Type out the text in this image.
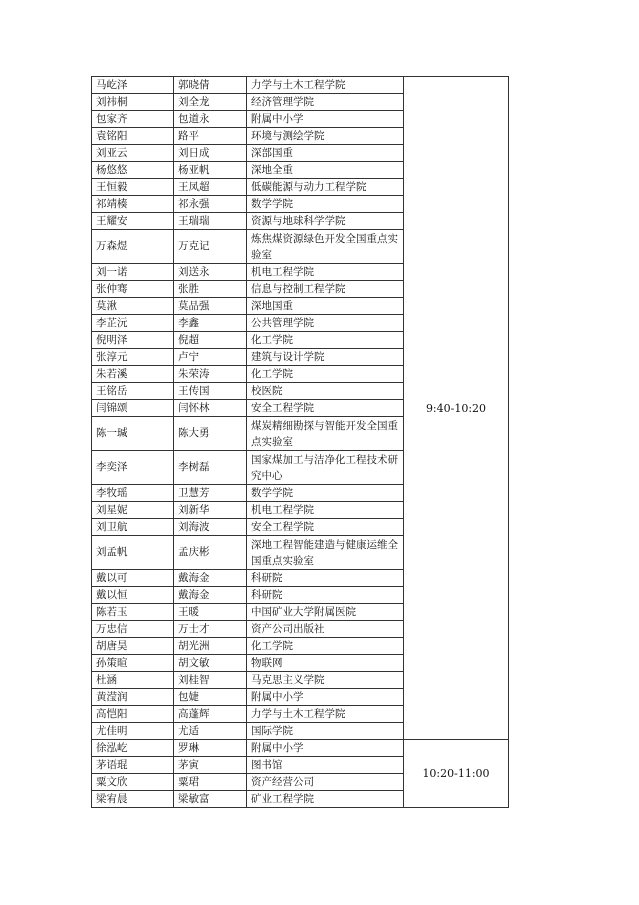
马屹泽	郭晓倩	力学与土木工程学院	9:40-10:20
刘祎桐	刘全龙	经济管理学院	
包家齐	包道永	附属中小学	
袁铭阳	路平	环境与测绘学院	
刘亚云	刘日成	深部国重	
杨悠悠	杨亚帆	深地全重	
王恒毅	王凤超	低碳能源与动力工程学院	
祁靖楱	祁永强	数学学院	
王耀安	王瑞瑞	资源与地球科学学院	
万森煜	万克记	炼焦煤资源绿色开发全国重点实验室	
刘一诺	刘送永	机电工程学院	
张仲骞	张胜	信息与控制工程学院	
莫湫	莫品强	深地国重	
李芷沅	李鑫	公共管理学院	
倪明泽	倪超	化工学院	
张淳元	卢宁	建筑与设计学院	
朱若溪	朱荣涛	化工学院	
王铭岳	王传国	校医院	
闫锦颂	闫怀林	安全工程学院	
陈一瑊	陈大勇	煤炭精细勘探与智能开发全国重点实验室	
李奕泽	李树磊	国家煤加工与洁净化工程技术研究中心	
李牧瑶	卫慧芳	数学学院	
刘星妮	刘新华	机电工程学院	
刘卫航	刘海波	安全工程学院	
刘孟帆	孟庆彬	深地工程智能建造与健康运维全国重点实验室	
戴以可	戴海金	科研院	
戴以恒	戴海金	科研院	
陈若玉	王暖	中国矿业大学附属医院	
万忠信	万士才	资产公司出版社	
胡唐昊	胡光洲	化工学院	
孙策暄	胡文敏	物联网	
杜涵	刘桂智	马克思主义学院	
黄滢润	包婕	附属中小学	
高恺阳	高蓬辉	力学与土木工程学院	
尤佳明	尤适	国际学院	
徐泓屹	罗琳	附属中小学	10:20-11:00
茅语琨	茅寅	图书馆	
粟文欣	粟珺	资产经营公司	
梁宥晨	梁敏富	矿业工程学院	
